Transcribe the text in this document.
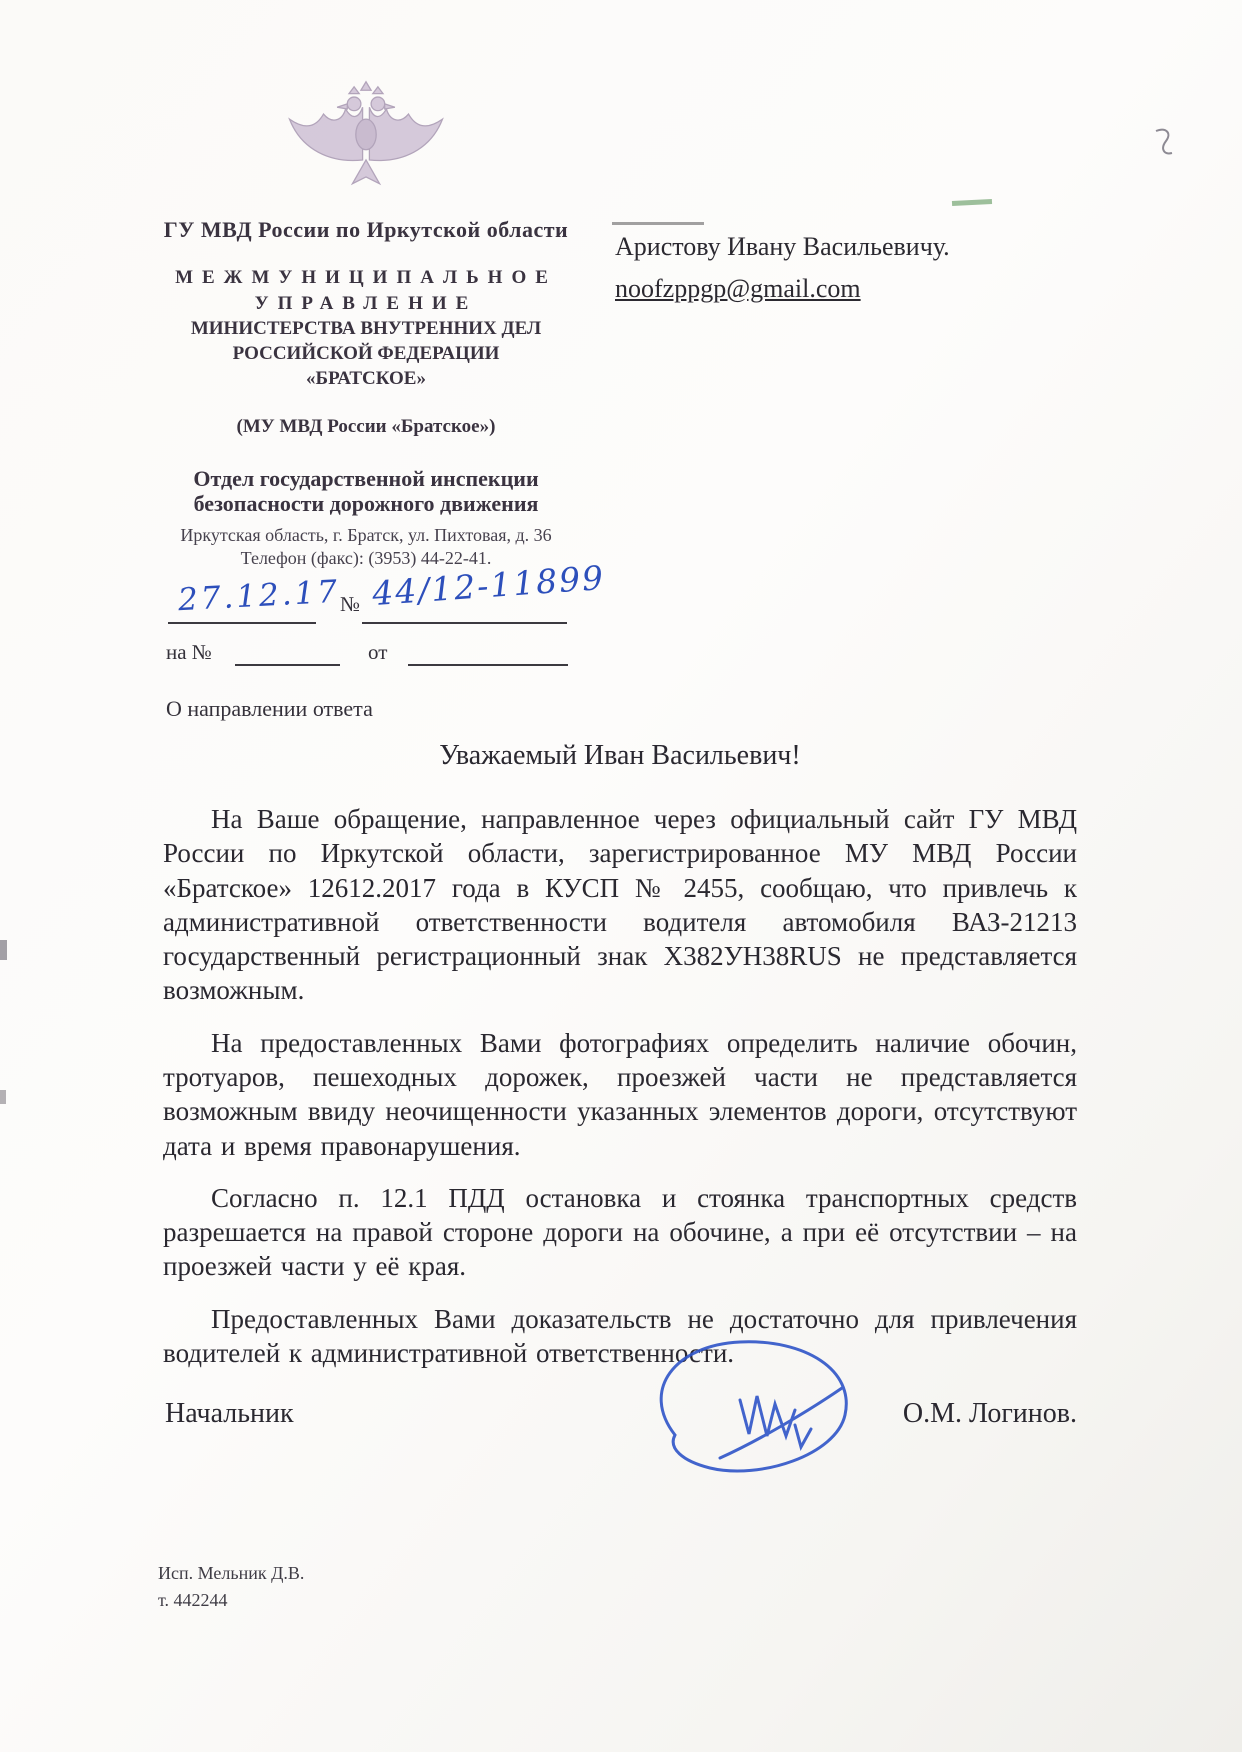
ГУ МВД России по Иркутской области
МЕЖМУНИЦИПАЛЬНОЕ
УПРАВЛЕНИЕ
МИНИСТЕРСТВА ВНУТРЕННИХ ДЕЛ
РОССИЙСКОЙ ФЕДЕРАЦИИ
«БРАТСКОЕ»
(МУ МВД России «Братское»)
Отдел государственной инспекции
безопасности дорожного движения
Иркутская область, г. Братск, ул. Пихтовая, д. 36
Телефон (факс): (3953) 44-22-41.
27.12.17 № 44/12-11899
на №	от
О направлении ответа
Аристову Ивану Васильевичу.
noofzppgp@gmail.com
Уважаемый Иван Васильевич!

На Ваше обращение, направленное через официальный сайт ГУ МВД России по Иркутской области, зарегистрированное МУ МВД России «Братское» 12612.2017 года в КУСП № 2455, сообщаю, что привлечь к административной ответственности водителя автомобиля ВАЗ-21213 государственный регистрационный знак Х382УН38RUS не представляется возможным.

На предоставленных Вами фотографиях определить наличие обочин, тротуаров, пешеходных дорожек, проезжей части не представляется возможным ввиду неочищенности указанных элементов дороги, отсутствуют дата и время правонарушения.

Согласно п. 12.1 ПДД остановка и стоянка транспортных средств разрешается на правой стороне дороги на обочине, а при её отсутствии – на проезжей части у её края.

Предоставленных Вами доказательств не достаточно для привлечения водителей к административной ответственности.

Начальник	О.М. Логинов.
Исп. Мельник Д.В.
т. 442244
